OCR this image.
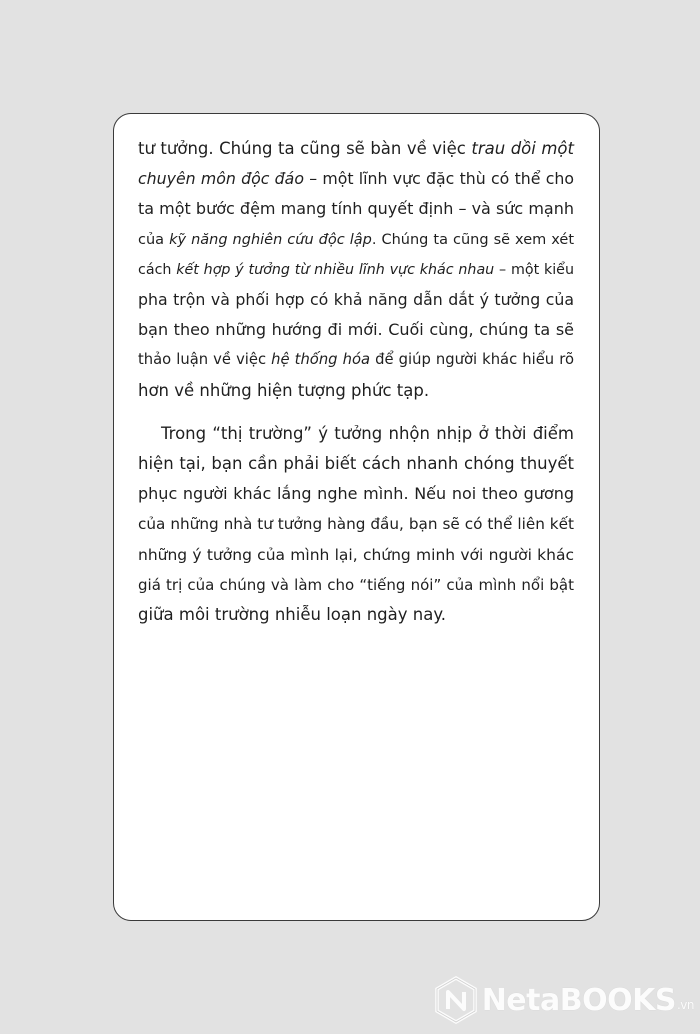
tư tưởng. Chúng ta cũng sẽ bàn về việc trau dồi một
chuyên môn độc đáo – một lĩnh vực đặc thù có thể cho
ta một bước đệm mang tính quyết định – và sức mạnh
của kỹ năng nghiên cứu độc lập. Chúng ta cũng sẽ xem xét
cách kết hợp ý tưởng từ nhiều lĩnh vực khác nhau – một kiểu
pha trộn và phối hợp có khả năng dẫn dắt ý tưởng của
bạn theo những hướng đi mới. Cuối cùng, chúng ta sẽ
thảo luận về việc hệ thống hóa để giúp người khác hiểu rõ
hơn về những hiện tượng phức tạp.

Trong “thị trường” ý tưởng nhộn nhịp ở thời điểm
hiện tại, bạn cần phải biết cách nhanh chóng thuyết
phục người khác lắng nghe mình. Nếu noi theo gương
của những nhà tư tưởng hàng đầu, bạn sẽ có thể liên kết
những ý tưởng của mình lại, chứng minh với người khác
giá trị của chúng và làm cho “tiếng nói” của mình nổi bật
giữa môi trường nhiễu loạn ngày nay.

NetaBOOKS .vn
